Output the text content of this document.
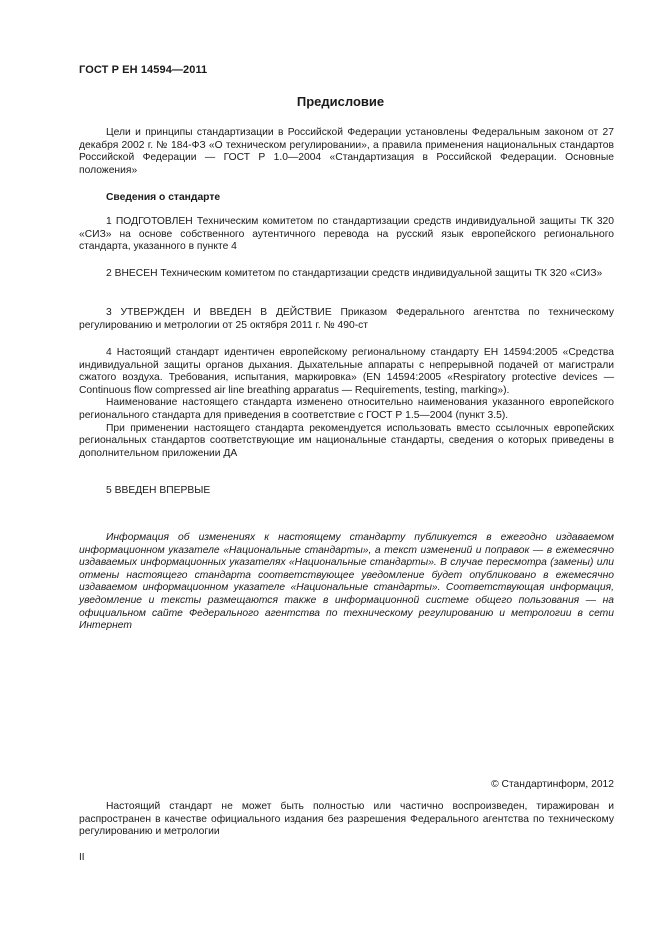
ГОСТ Р ЕН 14594—2011
Предисловие

Цели и принципы стандартизации в Российской Федерации установлены Федеральным законом от 27 декабря 2002 г. № 184-ФЗ «О техническом регулировании», а правила применения национальных стандартов Российской Федерации — ГОСТ Р 1.0—2004 «Стандартизация в Российской Федерации. Основные положения»

Сведения о стандарте

1 ПОДГОТОВЛЕН Техническим комитетом по стандартизации средств индивидуальной защиты ТК 320 «СИЗ» на основе собственного аутентичного перевода на русский язык европейского регионального стандарта, указанного в пункте 4

2 ВНЕСЕН Техническим комитетом по стандартизации средств индивидуальной защиты ТК 320 «СИЗ»

3 УТВЕРЖДЕН И ВВЕДЕН В ДЕЙСТВИЕ Приказом Федерального агентства по техническому регулированию и метрологии от 25 октября 2011 г. № 490-ст

4 Настоящий стандарт идентичен европейскому региональному стандарту ЕН 14594:2005 «Средства индивидуальной защиты органов дыхания. Дыхательные аппараты с непрерывной подачей от магистрали сжатого воздуха. Требования, испытания, маркировка» (EN 14594:2005 «Respiratory protective devices — Continuous flow compressed air line breathing apparatus — Requirements, testing, marking»).

Наименование настоящего стандарта изменено относительно наименования указанного европейского регионального стандарта для приведения в соответствие с ГОСТ Р 1.5—2004 (пункт 3.5).

При применении настоящего стандарта рекомендуется использовать вместо ссылочных европейских региональных стандартов соответствующие им национальные стандарты, сведения о которых приведены в дополнительном приложении ДА

5 ВВЕДЕН ВПЕРВЫЕ

Информация об изменениях к настоящему стандарту публикуется в ежегодно издаваемом информационном указателе «Национальные стандарты», а текст изменений и поправок — в ежемесячно издаваемых информационных указателях «Национальные стандарты». В случае пересмотра (замены) или отмены настоящего стандарта соответствующее уведомление будет опубликовано в ежемесячно издаваемом информационном указателе «Национальные стандарты». Соответствующая информация, уведомление и тексты размещаются также в информационной системе общего пользования — на официальном сайте Федерального агентства по техническому регулированию и метрологии в сети Интернет

© Стандартинформ, 2012

Настоящий стандарт не может быть полностью или частично воспроизведен, тиражирован и распространен в качестве официального издания без разрешения Федерального агентства по техническому регулированию и метрологии

II
